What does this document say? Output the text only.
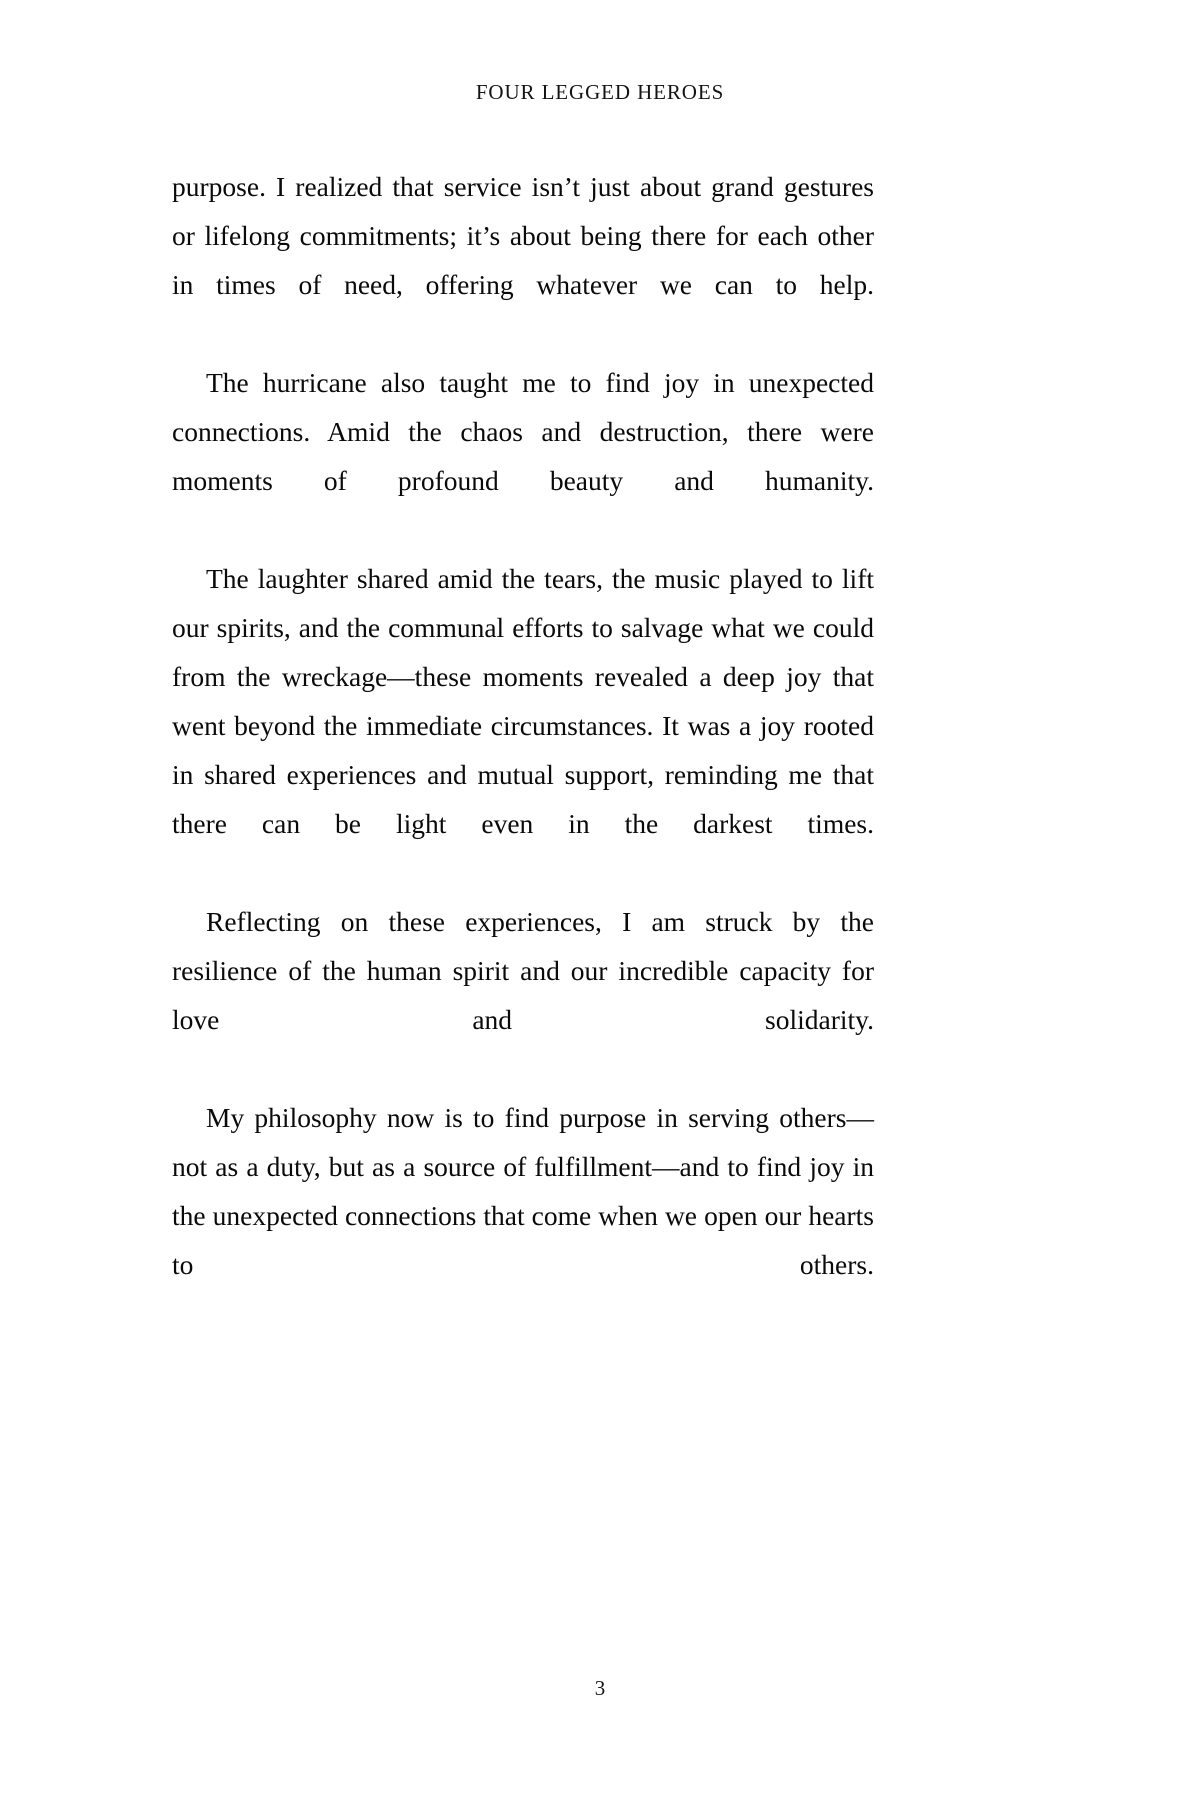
FOUR LEGGED HEROES

purpose. I realized that service isn’t just about grand gestures or lifelong commitments; it’s about being there for each other in times of need, offering whatever we can to help.

The hurricane also taught me to find joy in unexpected connections. Amid the chaos and destruction, there were moments of profound beauty and humanity.

The laughter shared amid the tears, the music played to lift our spirits, and the communal efforts to salvage what we could from the wreckage—these moments revealed a deep joy that went beyond the immediate circumstances. It was a joy rooted in shared experiences and mutual support, reminding me that there can be light even in the darkest times.

Reflecting on these experiences, I am struck by the resilience of the human spirit and our incredible capacity for love and solidarity.

My philosophy now is to find purpose in serving others—not as a duty, but as a source of fulfillment—and to find joy in the unexpected connections that come when we open our hearts to others.

3
